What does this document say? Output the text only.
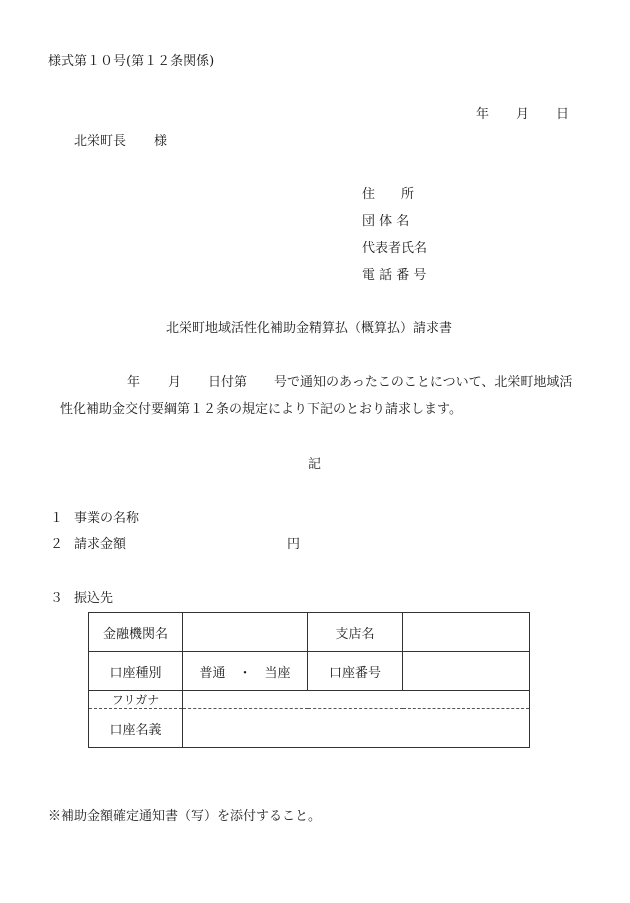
様式第１０号(第１２条関係)
年 月 日
北栄町長 様
住　　所
団 体 名
代表者氏名
電 話 番 号
北栄町地域活性化補助金精算払（概算払）請求書
年 月 日付第 号で通知のあったこのことについて、北栄町地域活
性化補助金交付要綱第１２条の規定により下記のとおり請求します。
記
１ 事業の名称
２ 請求金額	円
３ 振込先
金融機関名		支店名	
口座種別	普通　・　当座	口座番号	
フリガナ			
口座名義			
※補助金額確定通知書（写）を添付すること。
